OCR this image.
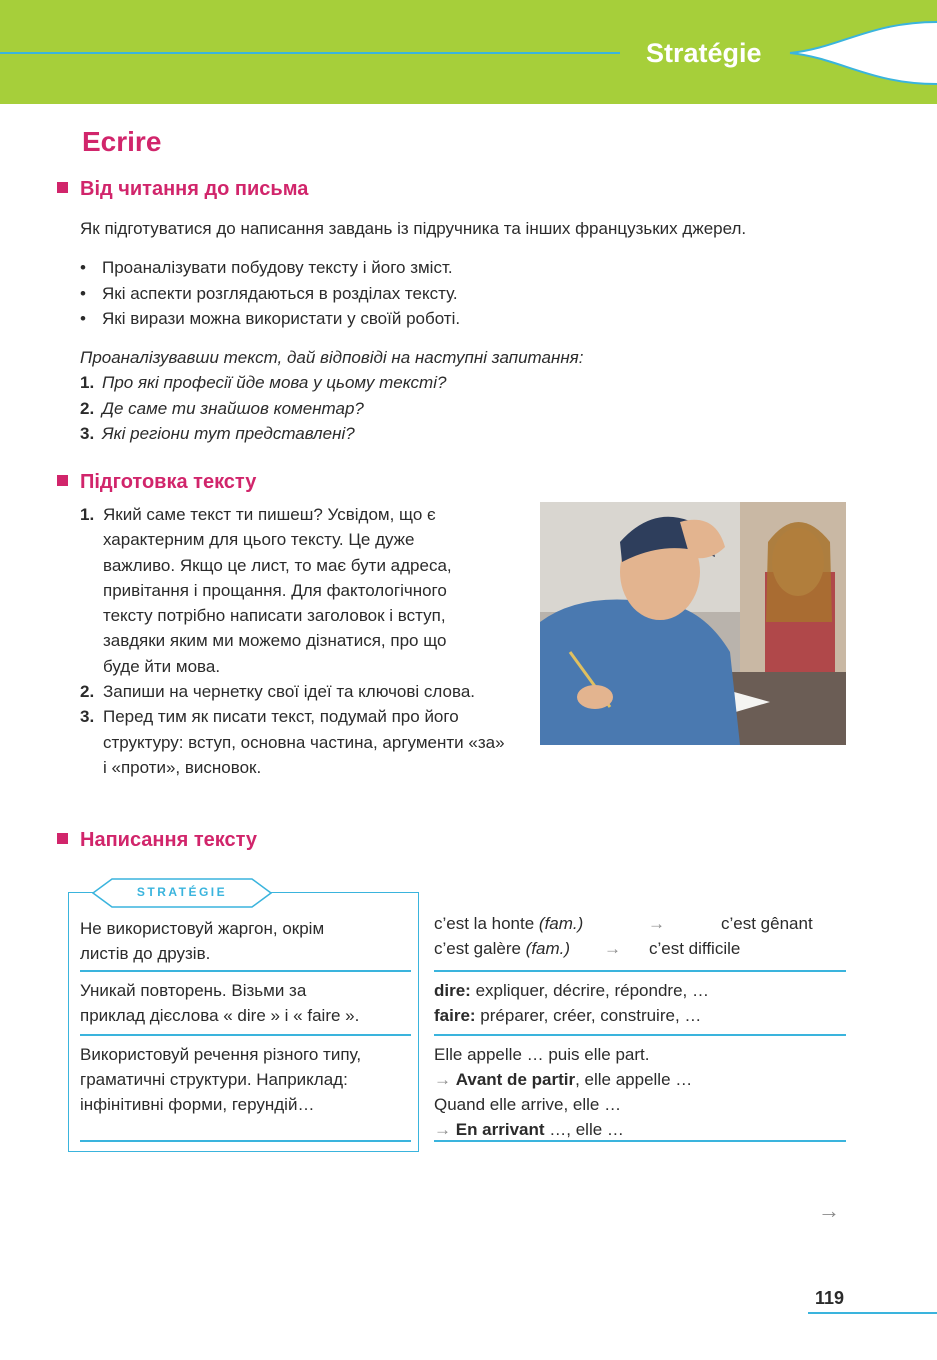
Stratégie
Ecrire
Від читання до письма
Як підготуватися до написання завдань із підручника та інших французьких джерел.
• Проаналізувати побудову тексту і його зміст.
• Які аспекти розглядаються в розділах тексту.
• Які вирази можна використати у своїй роботі.
Проаналізувавши текст, дай відповіді на наступні запитання:
1. Про які професії йде мова у цьому тексті?
2. Де саме ти знайшов коментар?
3. Які регіони тут представлені?
Підготовка тексту
1. Який саме текст ти пишеш? Усвідом, що є характерним для цього тексту. Це дуже важливо. Якщо це лист, то має бути адреса, привітання і прощання. Для фактологічного тексту потрібно написати заголовок і вступ, завдяки яким ми можемо дізнатися, про що буде йти мова.
2. Запиши на чернетку свої ідеї та ключові слова.
3. Перед тим як писати текст, подумай про його структуру: вступ, основна частина, аргументи «за» і «проти», висновок.
Написання тексту
STRATÉGIE
Не використовуй жаргон, окрім
листів до друзів.
Уникай повторень. Візьми за
приклад дієслова « dire » і « faire ».
Використовуй речення різного типу,
граматичні структури. Наприклад:
інфінітивні форми, герундій…
c’est la honte (fam.)	→	c’est gênant
c’est galère (fam.) → c’est difficile
dire: expliquer, décrire, répondre, …
faire: préparer, créer, construire, …
Elle appelle … puis elle part.
→ Avant de partir, elle appelle …
Quand elle arrive, elle …
→ En arrivant …, elle …
→
119
